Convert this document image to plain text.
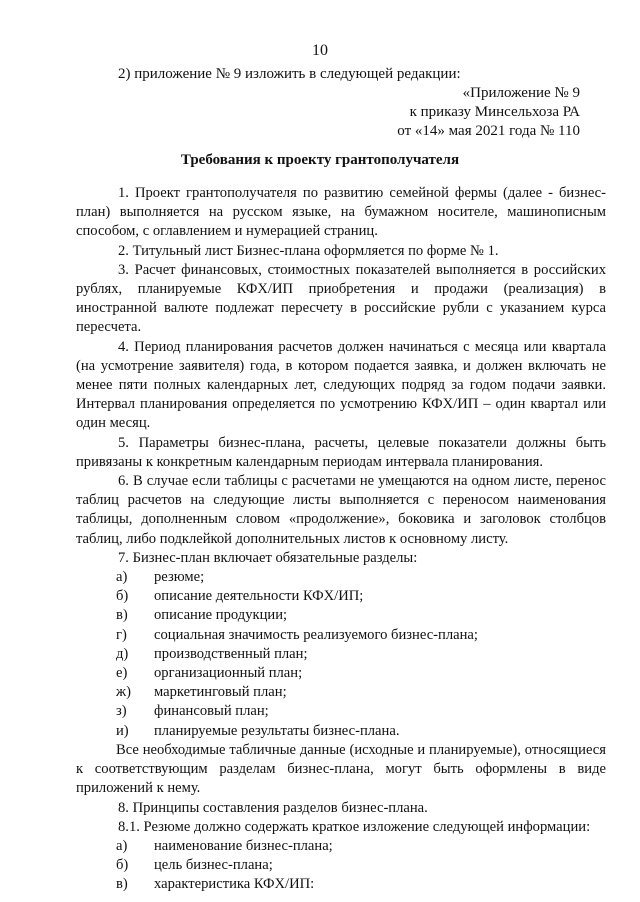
10
2) приложение № 9 изложить в следующей редакции:
«Приложение № 9
к приказу Минсельхоза РА
от «14» мая 2021 года № 110
Требования к проекту грантополучателя

1. Проект грантополучателя по развитию семейной фермы (далее - бизнес-план) выполняется на русском языке, на бумажном носителе, машинописным способом, с оглавлением и нумерацией страниц.

2. Титульный лист Бизнес-плана оформляется по форме № 1.

3. Расчет финансовых, стоимостных показателей выполняется в российских рублях, планируемые КФХ/ИП приобретения и продажи (реализация) в иностранной валюте подлежат пересчету в российские рубли с указанием курса пересчета.

4. Период планирования расчетов должен начинаться с месяца или квартала (на усмотрение заявителя) года, в котором подается заявка, и должен включать не менее пяти полных календарных лет, следующих подряд за годом подачи заявки. Интервал планирования определяется по усмотрению КФХ/ИП – один квартал или один месяц.

5. Параметры бизнес-плана, расчеты, целевые показатели должны быть привязаны к конкретным календарным периодам интервала планирования.

6. В случае если таблицы с расчетами не умещаются на одном листе, перенос таблиц расчетов на следующие листы выполняется с переносом наименования таблицы, дополненным словом «продолжение», боковика и заголовок столбцов таблиц, либо подклейкой дополнительных листов к основному листу.

7. Бизнес-план включает обязательные разделы:

а)	резюме;
б)	описание деятельности КФХ/ИП;
в)	описание продукции;
г)	социальная значимость реализуемого бизнес-плана;
д)	производственный план;
е)	организационный план;
ж)	маркетинговый план;
з)	финансовый план;
и)	планируемые результаты бизнес-плана.

Все необходимые табличные данные (исходные и планируемые), относящиеся к соответствующим разделам бизнес-плана, могут быть оформлены в виде приложений к нему.

8. Принципы составления разделов бизнес-плана.

8.1. Резюме должно содержать краткое изложение следующей информации:

а)	наименование бизнес-плана;
б)	цель бизнес-плана;
в)	характеристика КФХ/ИП:
